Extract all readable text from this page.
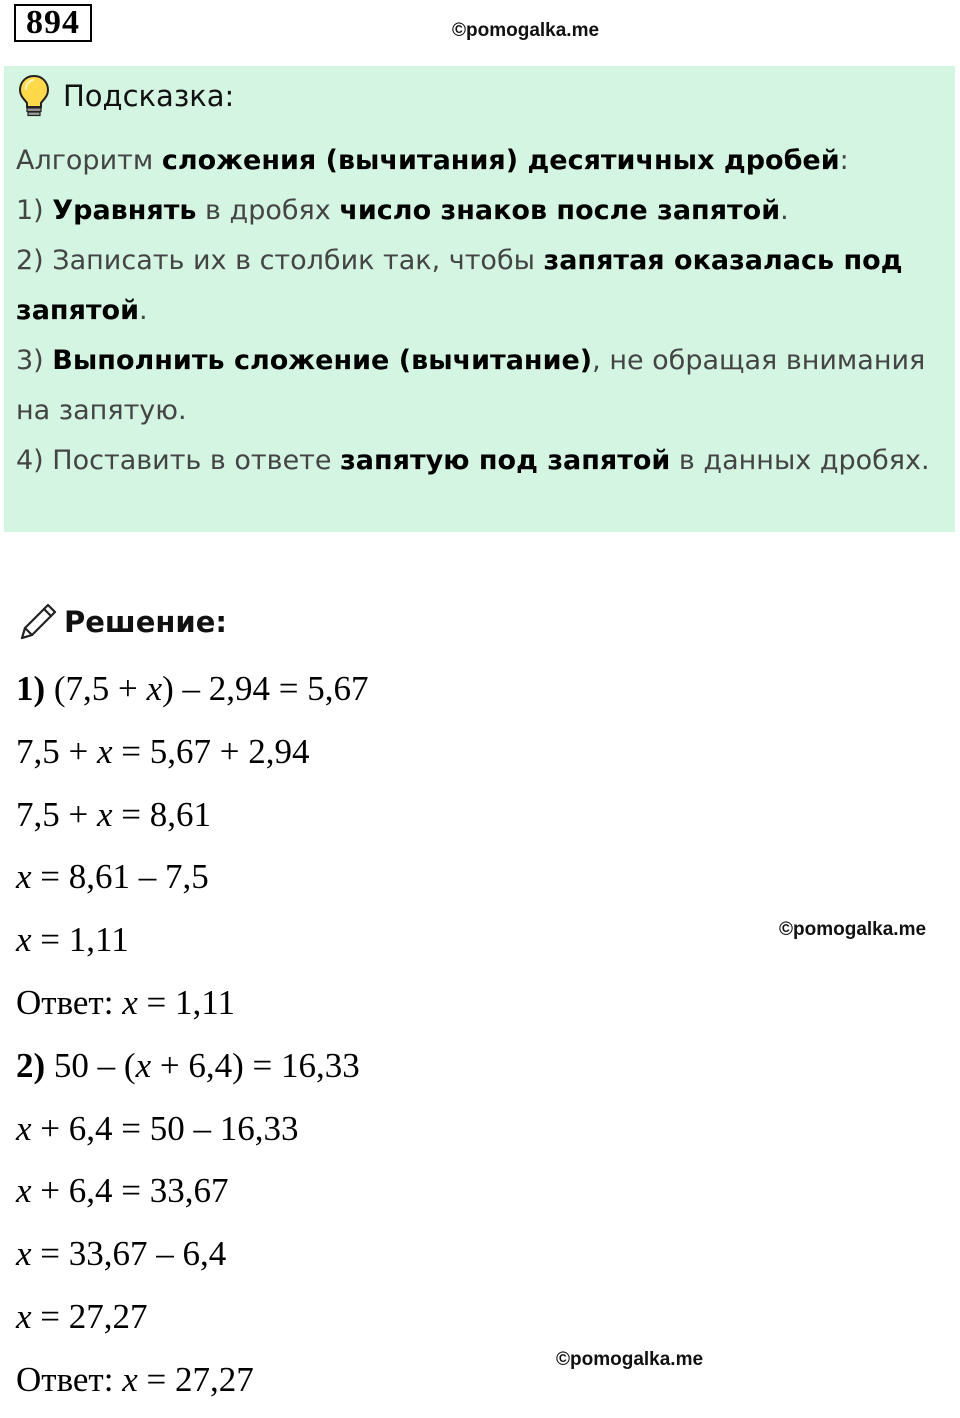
894	©pomogalka.me
Подсказка:

Алгоритм сложения (вычитания) десятичных дробей:

1) Уравнять в дробях число знаков после запятой.

2) Записать их в столбик так, чтобы запятая оказалась под запятой.

3) Выполнить сложение (вычитание), не обращая внимания на запятую.

4) Поставить в ответе запятую под запятой в данных дробях.

Решение:
1) (7,5 + x) – 2,94 = 5,67
7,5 + x = 5,67 + 2,94
7,5 + x = 8,61
x = 8,61 – 7,5
x = 1,11
Ответ: x = 1,11
2) 50 – (x + 6,4) = 16,33
x + 6,4 = 50 – 16,33
x + 6,4 = 33,67
x = 33,67 – 6,4
x = 27,27
Ответ: x = 27,27
©pomogalka.me
©pomogalka.me
